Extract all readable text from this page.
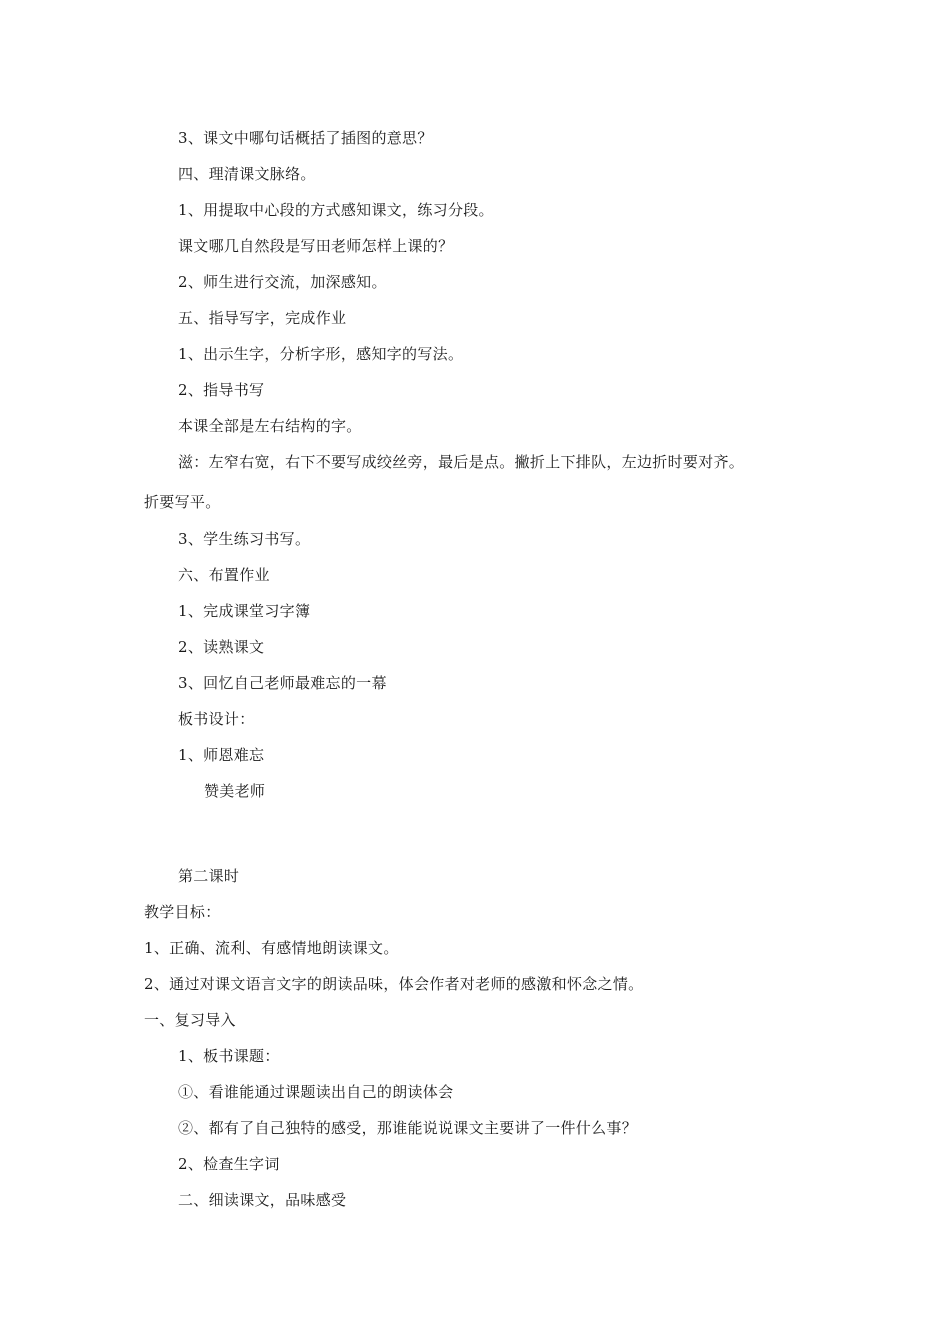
3、课文中哪句话概括了插图的意思？
四、理清课文脉络。
1、用提取中心段的方式感知课文，练习分段。
课文哪几自然段是写田老师怎样上课的？
2、师生进行交流，加深感知。
五、指导写字，完成作业
1、出示生字，分析字形，感知字的写法。
2、指导书写
本课全部是左右结构的字。
滋：左窄右宽，右下不要写成绞丝旁，最后是点。撇折上下排队，左边折时要对齐。
折要写平。
3、学生练习书写。
六、布置作业
1、完成课堂习字簿
2、读熟课文
3、回忆自己老师最难忘的一幕
板书设计：
1、师恩难忘
赞美老师
第二课时
教学目标：
1、正确、流利、有感情地朗读课文。
2、通过对课文语言文字的朗读品味，体会作者对老师的感激和怀念之情。
一、复习导入
1、板书课题：
①、看谁能通过课题读出自己的朗读体会
②、都有了自己独特的感受，那谁能说说课文主要讲了一件什么事？
2、检查生字词
二、细读课文，品味感受
